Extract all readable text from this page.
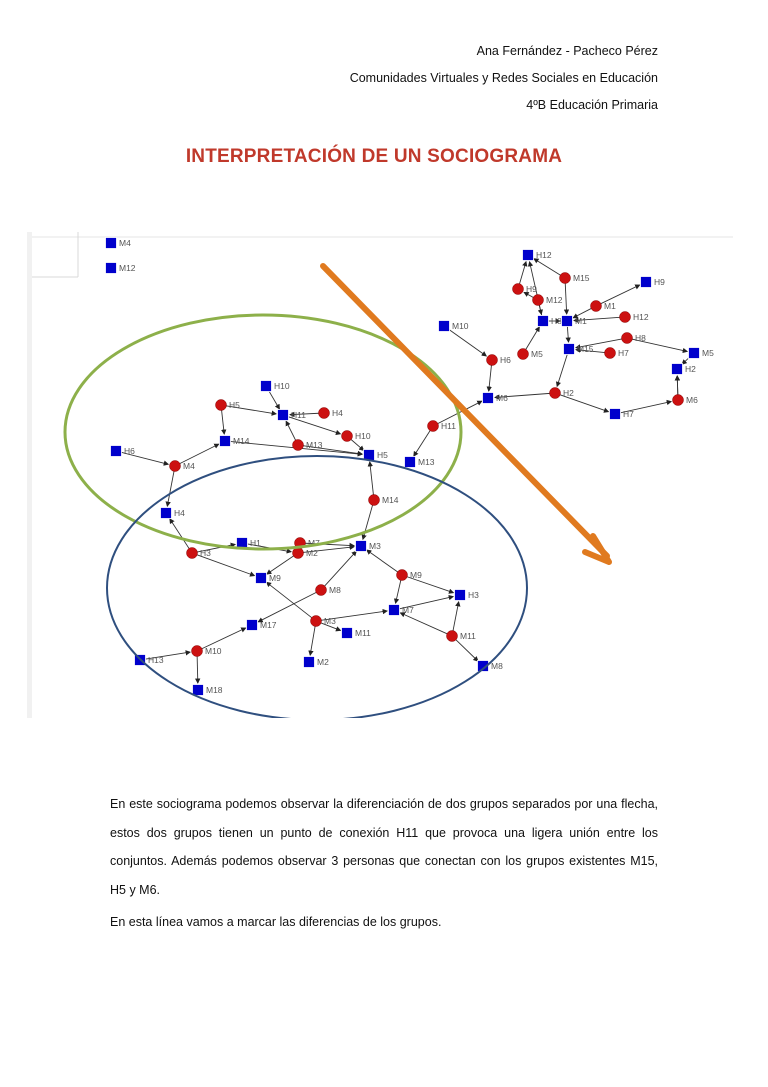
Ana Fernández - Pacheco Pérez
Comunidades Virtuales y Redes Sociales en Educación
4ºB Educación Primaria
INTERPRETACIÓN DE UN SOCIOGRAMA
M4
M12
H12
M15	H9
H9
M12
M1
H12
H8 M1
H8
M10
H6
M5	M15	H7	M5
H2
M6	H2
H7
M6
H10
H5
H11	H4
H11
M14	M13
H10
H6
M4
H5
M13
M14
H4
H1	M7
H3	M2
M3
M9	M9
M8	H3
M7
M17	M3
M11	M11
H13
M10
M2	M8
M18
En este sociograma podemos observar la diferenciación de dos grupos separados por una flecha, estos dos grupos tienen un punto de conexión H11 que provoca una ligera unión entre los conjuntos. Además podemos observar 3 personas que conectan con los grupos existentes M15, H5 y M6.
En esta línea vamos a marcar las diferencias de los grupos.
